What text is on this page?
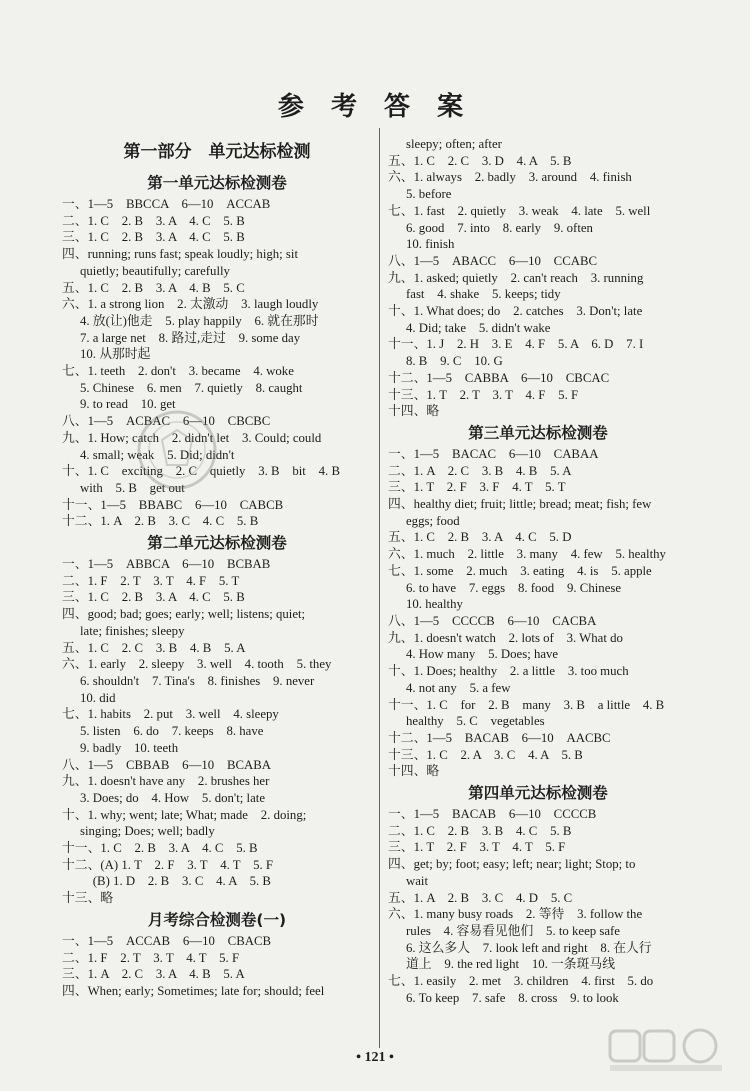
参 考 答 案
第一部分　单元达标检测
第一单元达标检测卷
一、1—5　BBCCA　6—10　ACCAB
二、1. C　2. B　3. A　4. C　5. B
三、1. C　2. B　3. A　4. C　5. B
四、running; runs fast; speak loudly; high; sit
quietly; beautifully; carefully
五、1. C　2. B　3. A　4. B　5. C
六、1. a strong lion　2. 太激动　3. laugh loudly
4. 放(让)他走　5. play happily　6. 就在那时
7. a large net　8. 路过,走过　9. some day
10. 从那时起
七、1. teeth　2. don't　3. became　4. woke
5. Chinese　6. men　7. quietly　8. caught
9. to read　10. get
八、1—5　ACBAC　6—10　CBCBC
九、1. How; catch　2. didn't let　3. Could; could
4. small; weak　5. Did; didn't
十、1. C　exciting　2. C　quietly　3. B　bit　4. B
with　5. B　get out
十一、1—5　BBABC　6—10　CABCB
十二、1. A　2. B　3. C　4. C　5. B
第二单元达标检测卷
一、1—5　ABBCA　6—10　BCBAB
二、1. F　2. T　3. T　4. F　5. T
三、1. C　2. B　3. A　4. C　5. B
四、good; bad; goes; early; well; listens; quiet;
late; finishes; sleepy
五、1. C　2. C　3. B　4. B　5. A
六、1. early　2. sleepy　3. well　4. tooth　5. they
6. shouldn't　7. Tina's　8. finishes　9. never
10. did
七、1. habits　2. put　3. well　4. sleepy
5. listen　6. do　7. keeps　8. have
9. badly　10. teeth
八、1—5　CBBAB　6—10　BCABA
九、1. doesn't have any　2. brushes her
3. Does; do　4. How　5. don't; late
十、1. why; went; late; What; made　2. doing;
singing; Does; well; badly
十一、1. C　2. B　3. A　4. C　5. B
十二、(A) 1. T　2. F　3. T　4. T　5. F
　(B) 1. D　2. B　3. C　4. A　5. B
十三、略
月考综合检测卷(一)
一、1—5　ACCAB　6—10　CBACB
二、1. F　2. T　3. T　4. T　5. F
三、1. A　2. C　3. A　4. B　5. A
四、When; early; Sometimes; late for; should; feel
sleepy; often; after
五、1. C　2. C　3. D　4. A　5. B
六、1. always　2. badly　3. around　4. finish
5. before
七、1. fast　2. quietly　3. weak　4. late　5. well
6. good　7. into　8. early　9. often
10. finish
八、1—5　ABACC　6—10　CCABC
九、1. asked; quietly　2. can't reach　3. running
fast　4. shake　5. keeps; tidy
十、1. What does; do　2. catches　3. Don't; late
4. Did; take　5. didn't wake
十一、1. J　2. H　3. E　4. F　5. A　6. D　7. I
8. B　9. C　10. G
十二、1—5　CABBA　6—10　CBCAC
十三、1. T　2. T　3. T　4. F　5. F
十四、略
第三单元达标检测卷
一、1—5　BACAC　6—10　CABAA
二、1. A　2. C　3. B　4. B　5. A
三、1. T　2. F　3. F　4. T　5. T
四、healthy diet; fruit; little; bread; meat; fish; few
eggs; food
五、1. C　2. B　3. A　4. C　5. D
六、1. much　2. little　3. many　4. few　5. healthy
七、1. some　2. much　3. eating　4. is　5. apple
6. to have　7. eggs　8. food　9. Chinese
10. healthy
八、1—5　CCCCB　6—10　CACBA
九、1. doesn't watch　2. lots of　3. What do
4. How many　5. Does; have
十、1. Does; healthy　2. a little　3. too much
4. not any　5. a few
十一、1. C　for　2. B　many　3. B　a little　4. B
healthy　5. C　vegetables
十二、1—5　BACAB　6—10　AACBC
十三、1. C　2. A　3. C　4. A　5. B
十四、略
第四单元达标检测卷
一、1—5　BACAB　6—10　CCCCB
二、1. C　2. B　3. B　4. C　5. B
三、1. T　2. F　3. T　4. T　5. F
四、get; by; foot; easy; left; near; light; Stop; to
wait
五、1. A　2. B　3. C　4. D　5. C
六、1. many busy roads　2. 等待　3. follow the
rules　4. 容易看见他们　5. to keep safe
6. 这么多人　7. look left and right　8. 在人行
道上　9. the red light　10. 一条斑马线
七、1. easily　2. met　3. children　4. first　5. do
6. To keep　7. safe　8. cross　9. to look
• 121 •
